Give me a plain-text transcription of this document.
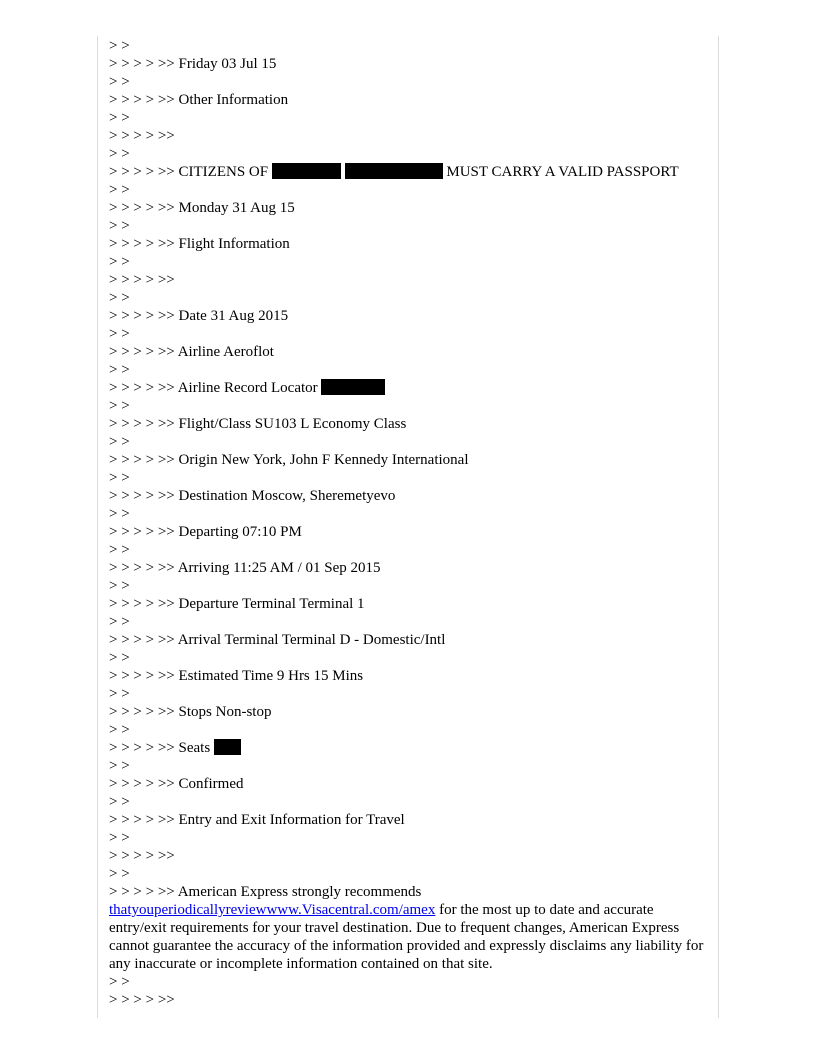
> >
> > > > >> Friday 03 Jul 15
> >
> > > > >> Other Information
> >
> > > > >>
> >
> > > > >> CITIZENS OF	MUST CARRY A VALID PASSPORT
> >
> > > > >> Monday 31 Aug 15
> >
> > > > >> Flight Information
> >
> > > > >>
> >
> > > > >> Date 31 Aug 2015
> >
> > > > >> Airline Aeroflot
> >
> > > > >> Airline Record Locator
> >
> > > > >> Flight/Class SU103 L Economy Class
> >
> > > > >> Origin New York, John F Kennedy International
> >
> > > > >> Destination Moscow, Sheremetyevo
> >
> > > > >> Departing 07:10 PM
> >
> > > > >> Arriving 11:25 AM / 01 Sep 2015
> >
> > > > >> Departure Terminal Terminal 1
> >
> > > > >> Arrival Terminal Terminal D - Domestic/Intl
> >
> > > > >> Estimated Time 9 Hrs 15 Mins
> >
> > > > >> Stops Non-stop
> >
> > > > >> Seats
> >
> > > > >> Confirmed
> >
> > > > >> Entry and Exit Information for Travel
> >
> > > > >>
> >
> > > > >> American Express strongly recommends
thatyouperiodicallyreviewwww.Visacentral.com/amex for the most up to date and accurate entry/exit requirements for your travel destination. Due to frequent changes, American Express cannot guarantee the accuracy of the information provided and expressly disclaims any liability for any inaccurate or incomplete information contained on that site.
> >
> > > > >>
